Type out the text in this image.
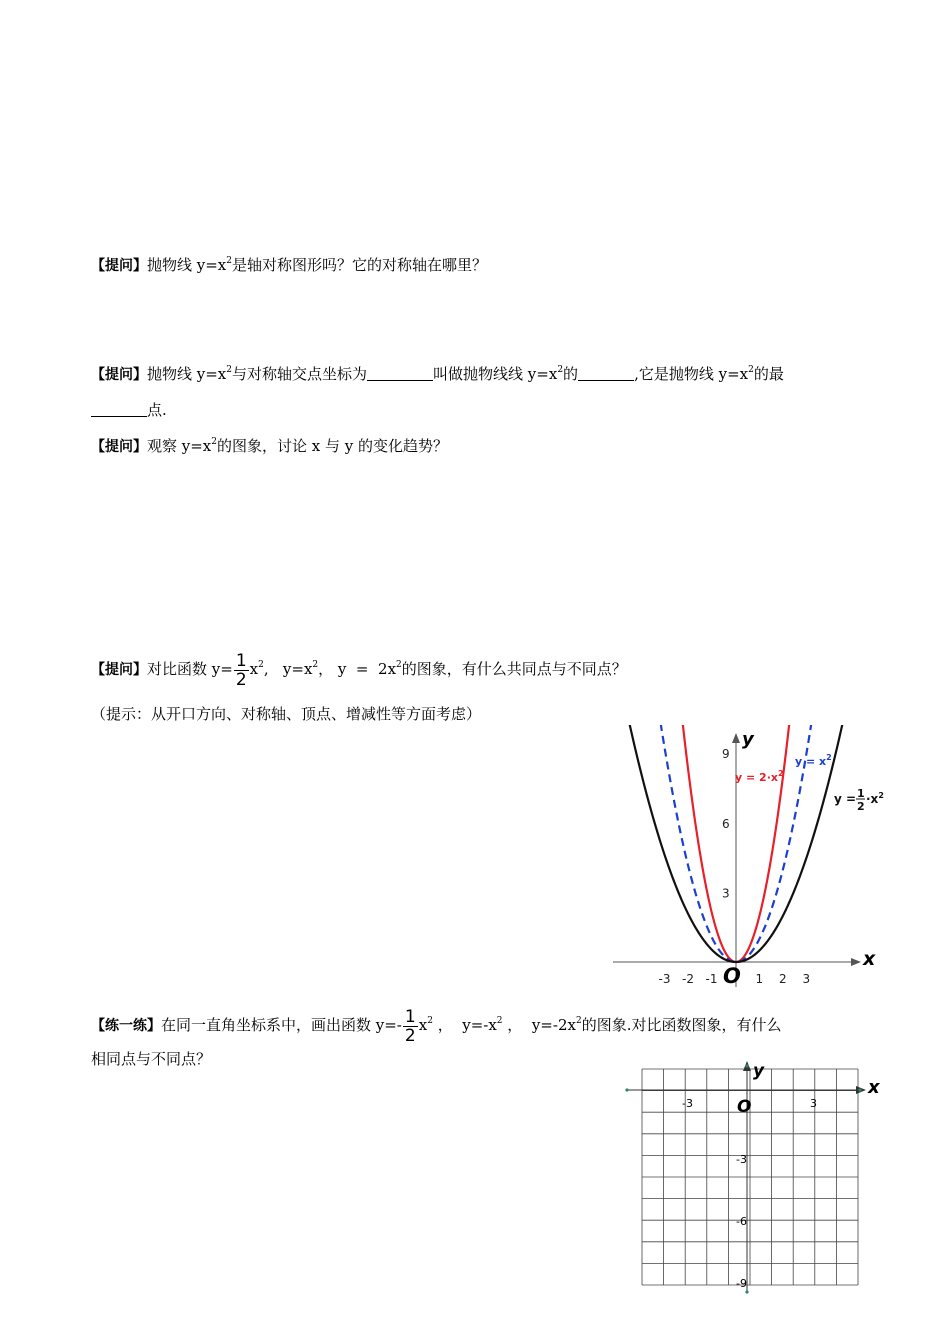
【提问】抛物线 $y=x^2$是轴对称图形吗？它的对称轴在哪里？
【提问】抛物线 $y=x^2$与对称轴交点坐标为	叫做抛物线线 $y=x^2$的	,它是抛物线 $y=x^2$的最
点.
【提问】观察 $y=x^2$的图象，讨论 x 与 y 的变化趋势？
【提问】对比函数 $y= \frac{1}{2} x^2$,   $y=x^2$， $y = 2x^2$的图象，有什么共同点与不同点？
（提示：从开口方向、对称轴、顶点、增减性等方面考虑）
-3 -2 -1	1 2 3
3
6
9
x
y
O
$y = 2\cdot x^2$
$y = x^2$
y = 1
2
$\cdot x^2$
【练一练】在同一直角坐标系中，画出函数 $y=- \frac{1}{2} x^2$ ，  $y=-x^2$ ，  $y=-2x^2$的图象.对比函数图象，有什么
相同点与不同点？
x
y
O
-3	3
-3
-6
-9
